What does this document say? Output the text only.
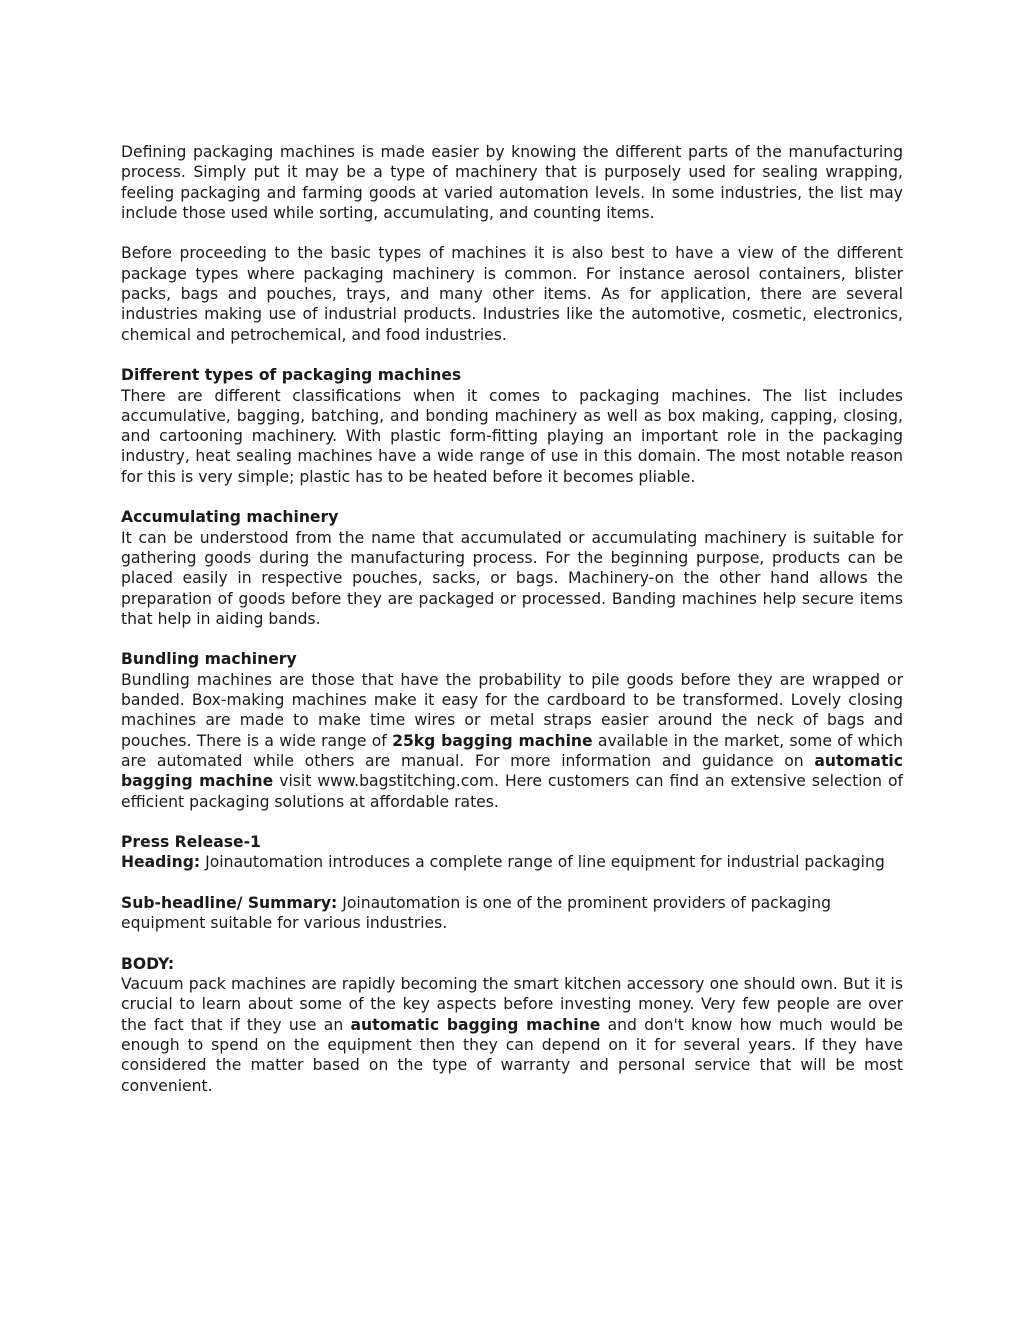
Defining packaging machines is made easier by knowing the different parts of the manufacturing process. Simply put it may be a type of machinery that is purposely used for sealing wrapping, feeling packaging and farming goods at varied automation levels. In some industries, the list may include those used while sorting, accumulating, and counting items.

Before proceeding to the basic types of machines it is also best to have a view of the different package types where packaging machinery is common. For instance aerosol containers, blister packs, bags and pouches, trays, and many other items. As for application, there are several industries making use of industrial products. Industries like the automotive, cosmetic, electronics, chemical and petrochemical, and food industries.

Different types of packaging machines
There are different classifications when it comes to packaging machines. The list includes accumulative, bagging, batching, and bonding machinery as well as box making, capping, closing, and cartooning machinery. With plastic form-fitting playing an important role in the packaging industry, heat sealing machines have a wide range of use in this domain. The most notable reason for this is very simple; plastic has to be heated before it becomes pliable.

Accumulating machinery
It can be understood from the name that accumulated or accumulating machinery is suitable for gathering goods during the manufacturing process. For the beginning purpose, products can be placed easily in respective pouches, sacks, or bags. Machinery-on the other hand allows the preparation of goods before they are packaged or processed. Banding machines help secure items that help in aiding bands.

Bundling machinery
Bundling machines are those that have the probability to pile goods before they are wrapped or banded. Box-making machines make it easy for the cardboard to be transformed. Lovely closing machines are made to make time wires or metal straps easier around the neck of bags and pouches. There is a wide range of 25kg bagging machine available in the market, some of which are automated while others are manual. For more information and guidance on automatic bagging machine visit www.bagstitching.com. Here customers can find an extensive selection of efficient packaging solutions at affordable rates.

Press Release-1
Heading: Joinautomation introduces a complete range of line equipment for industrial packaging

Sub-headline/ Summary: Joinautomation is one of the prominent providers of packaging equipment suitable for various industries.

BODY:
Vacuum pack machines are rapidly becoming the smart kitchen accessory one should own. But it is crucial to learn about some of the key aspects before investing money. Very few people are over the fact that if they use an automatic bagging machine and don't know how much would be enough to spend on the equipment then they can depend on it for several years. If they have considered the matter based on the type of warranty and personal service that will be most convenient.
